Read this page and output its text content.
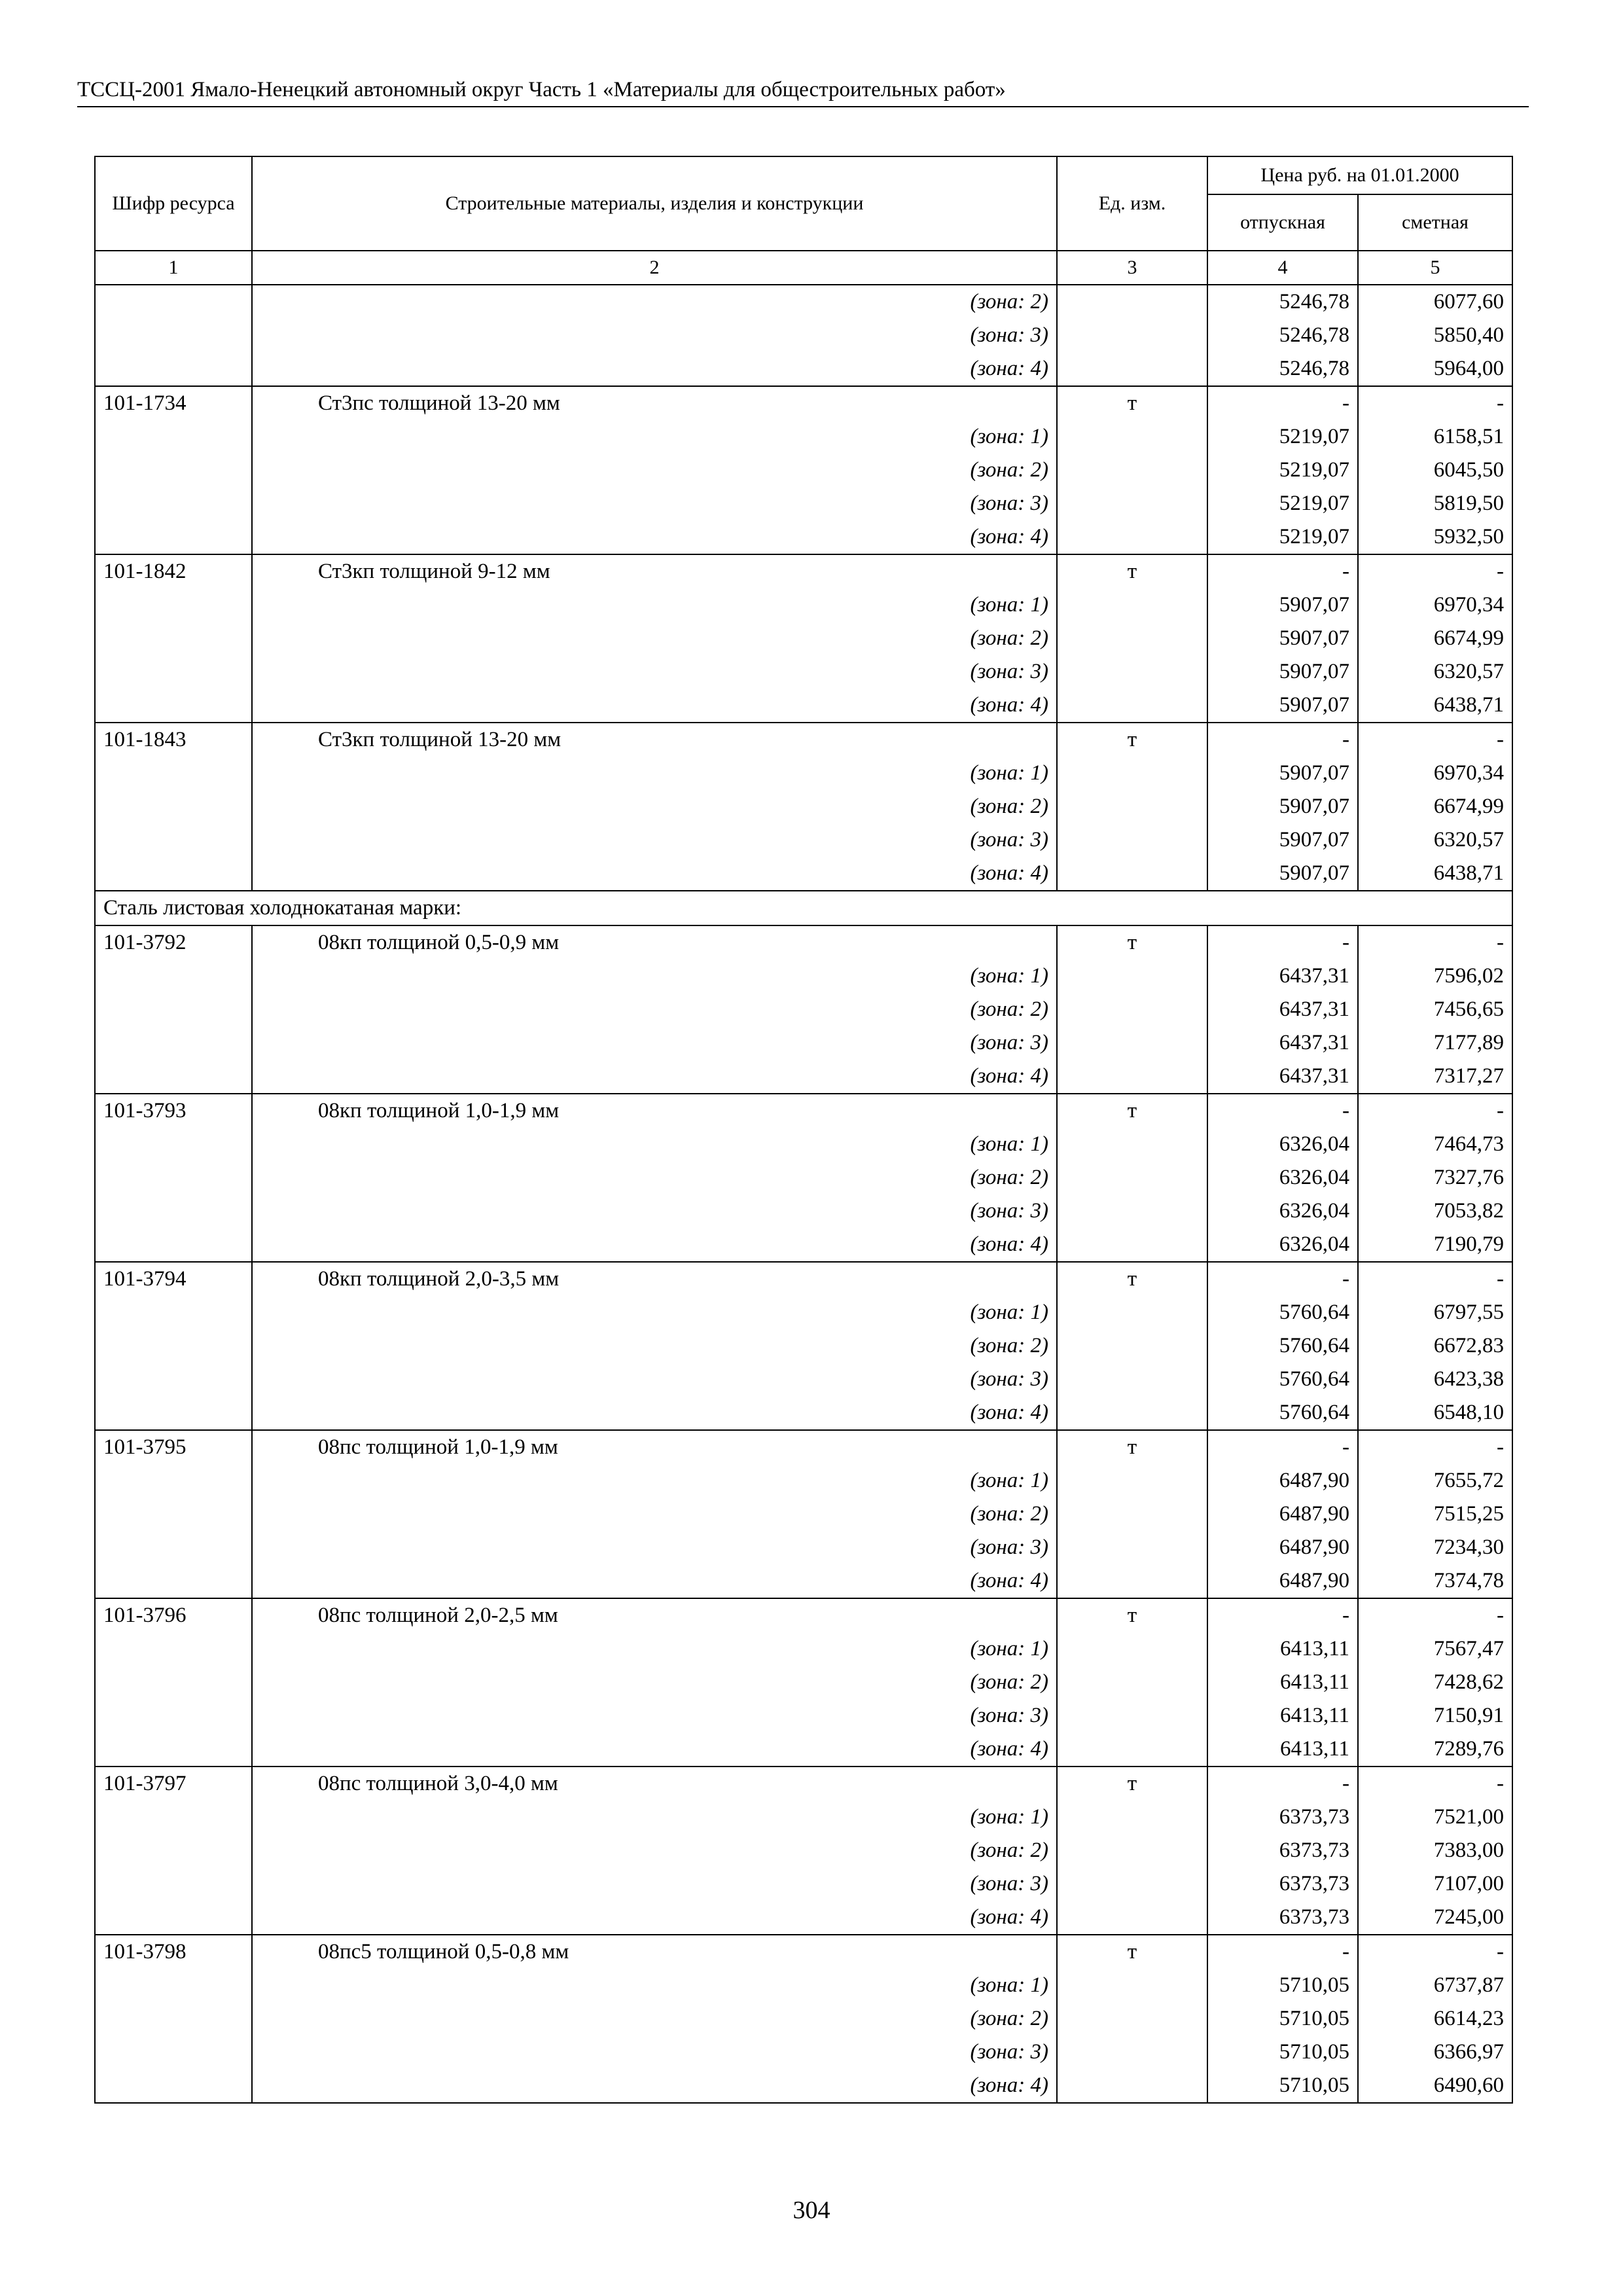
ТССЦ-2001 Ямало-Ненецкий автономный округ Часть 1 «Материалы для общестроительных работ»
Шифр ресурса	Строительные материалы, изделия и конструкции	Ед. изм.	Цена руб. на 01.01.2000	
			отпускная	сметная
1	2	3	4	5
	(зона: 2)		5246,78	6077,60
	(зона: 3)		5246,78	5850,40
	(зона: 4)		5246,78	5964,00
101-1734	Ст3пс толщиной 13-20 мм	т	-	-
	(зона: 1)		5219,07	6158,51
	(зона: 2)		5219,07	6045,50
	(зона: 3)		5219,07	5819,50
	(зона: 4)		5219,07	5932,50
101-1842	Ст3кп толщиной 9-12 мм	т	-	-
	(зона: 1)		5907,07	6970,34
	(зона: 2)		5907,07	6674,99
	(зона: 3)		5907,07	6320,57
	(зона: 4)		5907,07	6438,71
101-1843	Ст3кп толщиной 13-20 мм	т	-	-
	(зона: 1)		5907,07	6970,34
	(зона: 2)		5907,07	6674,99
	(зона: 3)		5907,07	6320,57
	(зона: 4)		5907,07	6438,71
Сталь листовая холоднокатаная марки:				
101-3792	08кп толщиной 0,5-0,9 мм	т	-	-
	(зона: 1)		6437,31	7596,02
	(зона: 2)		6437,31	7456,65
	(зона: 3)		6437,31	7177,89
	(зона: 4)		6437,31	7317,27
101-3793	08кп толщиной 1,0-1,9 мм	т	-	-
	(зона: 1)		6326,04	7464,73
	(зона: 2)		6326,04	7327,76
	(зона: 3)		6326,04	7053,82
	(зона: 4)		6326,04	7190,79
101-3794	08кп толщиной 2,0-3,5 мм	т	-	-
	(зона: 1)		5760,64	6797,55
	(зона: 2)		5760,64	6672,83
	(зона: 3)		5760,64	6423,38
	(зона: 4)		5760,64	6548,10
101-3795	08пс толщиной 1,0-1,9 мм	т	-	-
	(зона: 1)		6487,90	7655,72
	(зона: 2)		6487,90	7515,25
	(зона: 3)		6487,90	7234,30
	(зона: 4)		6487,90	7374,78
101-3796	08пс толщиной 2,0-2,5 мм	т	-	-
	(зона: 1)		6413,11	7567,47
	(зона: 2)		6413,11	7428,62
	(зона: 3)		6413,11	7150,91
	(зона: 4)		6413,11	7289,76
101-3797	08пс толщиной 3,0-4,0 мм	т	-	-
	(зона: 1)		6373,73	7521,00
	(зона: 2)		6373,73	7383,00
	(зона: 3)		6373,73	7107,00
	(зона: 4)		6373,73	7245,00
101-3798	08пс5 толщиной 0,5-0,8 мм	т	-	-
	(зона: 1)		5710,05	6737,87
	(зона: 2)		5710,05	6614,23
	(зона: 3)		5710,05	6366,97
	(зона: 4)		5710,05	6490,60
304
